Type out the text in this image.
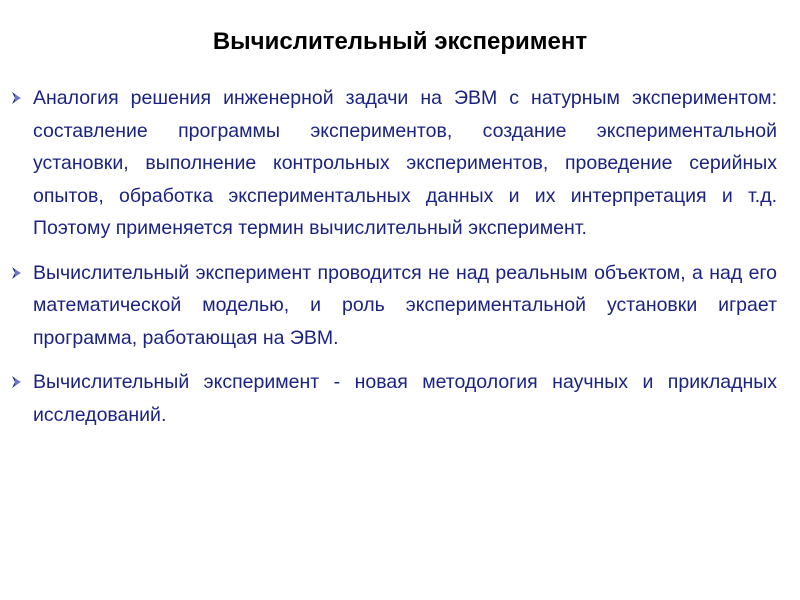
Вычислительный эксперимент
Аналогия решения инженерной задачи на ЭВМ с натурным экспериментом: составление программы экспериментов, создание экспериментальной установки, выполнение контрольных экспериментов, проведение серийных опытов, обработка экспериментальных данных и их интерпретация и т.д. Поэтому применяется термин вычислительный эксперимент.
Вычислительный эксперимент проводится не над реальным объектом, а над его математической моделью, и роль экспериментальной установки играет программа, работающая на ЭВМ.
Вычислительный эксперимент - новая методология научных и прикладных исследований.
